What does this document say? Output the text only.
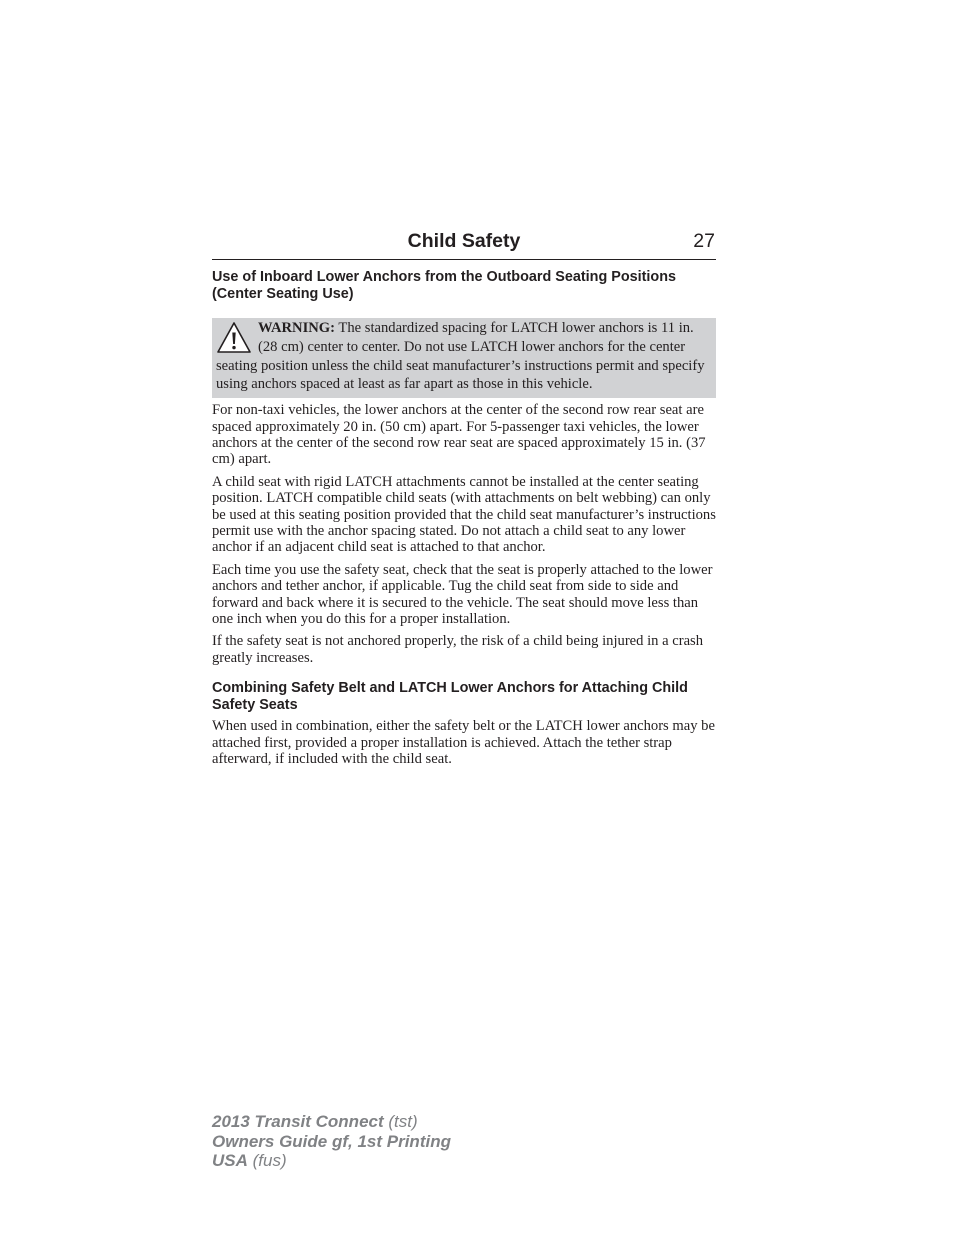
Child Safety	27
Use of Inboard Lower Anchors from the Outboard Seating Positions (Center Seating Use)
WARNING: The standardized spacing for LATCH lower anchors is 11 in. (28 cm) center to center. Do not use LATCH lower anchors for the center seating position unless the child seat manufacturer’s instructions permit and specify using anchors spaced at least as far apart as those in this vehicle.

For non-taxi vehicles, the lower anchors at the center of the second row rear seat are spaced approximately 20 in. (50 cm) apart. For 5-passenger taxi vehicles, the lower anchors at the center of the second row rear seat are spaced approximately 15 in. (37 cm) apart.

A child seat with rigid LATCH attachments cannot be installed at the center seating position. LATCH compatible child seats (with attachments on belt webbing) can only be used at this seating position provided that the child seat manufacturer’s instructions permit use with the anchor spacing stated. Do not attach a child seat to any lower anchor if an adjacent child seat is attached to that anchor.

Each time you use the safety seat, check that the seat is properly attached to the lower anchors and tether anchor, if applicable. Tug the child seat from side to side and forward and back where it is secured to the vehicle. The seat should move less than one inch when you do this for a proper installation.

If the safety seat is not anchored properly, the risk of a child being injured in a crash greatly increases.

Combining Safety Belt and LATCH Lower Anchors for Attaching Child Safety Seats

When used in combination, either the safety belt or the LATCH lower anchors may be attached first, provided a proper installation is achieved. Attach the tether strap afterward, if included with the child seat.

2013 Transit Connect (tst)
Owners Guide gf, 1st Printing
USA (fus)
